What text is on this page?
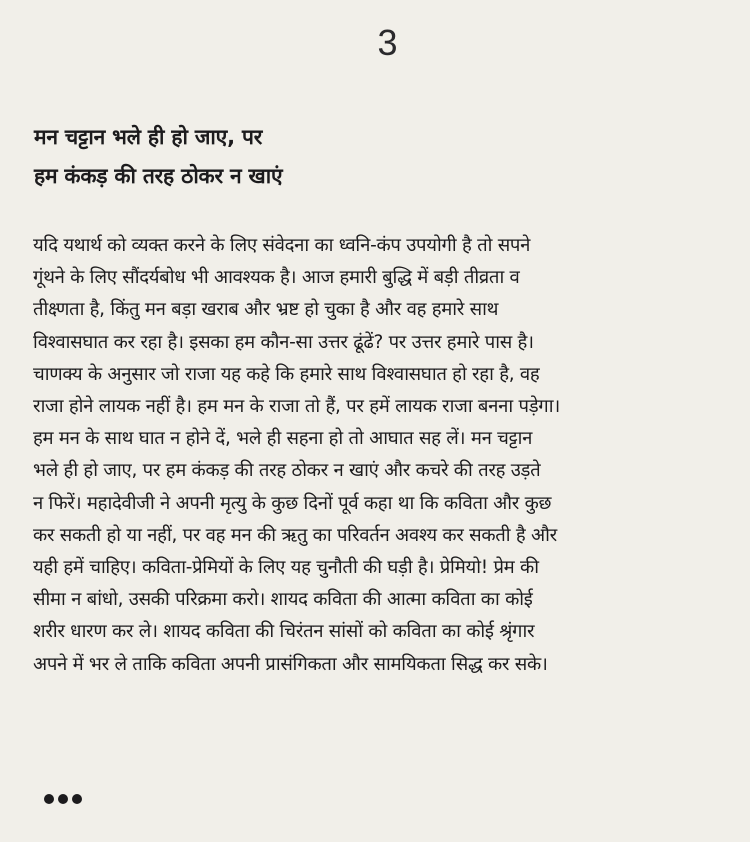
3
मन चट्टान भले ही हो जाए, पर
हम कंकड़ की तरह ठोकर न खाएं
यदि यथार्थ को व्यक्त करने के लिए संवेदना का ध्वनि-कंप उपयोगी है तो सपने
गूंथने के लिए सौंदर्यबोध भी आवश्यक है। आज हमारी बुद्धि में बड़ी तीव्रता व
तीक्ष्णता है, किंतु मन बड़ा खराब और भ्रष्ट हो चुका है और वह हमारे साथ
विश्वासघात कर रहा है। इसका हम कौन-सा उत्तर ढूंढें? पर उत्तर हमारे पास है।
चाणक्य के अनुसार जो राजा यह कहे कि हमारे साथ विश्वासघात हो रहा है, वह
राजा होने लायक नहीं है। हम मन के राजा तो हैं, पर हमें लायक राजा बनना पड़ेगा।
हम मन के साथ घात न होने दें, भले ही सहना हो तो आघात सह लें। मन चट्टान
भले ही हो जाए, पर हम कंकड़ की तरह ठोकर न खाएं और कचरे की तरह उड़ते
न फिरें। महादेवीजी ने अपनी मृत्यु के कुछ दिनों पूर्व कहा था कि कविता और कुछ
कर सकती हो या नहीं, पर वह मन की ऋतु का परिवर्तन अवश्य कर सकती है और
यही हमें चाहिए। कविता-प्रेमियों के लिए यह चुनौती की घड़ी है। प्रेमियो! प्रेम की
सीमा न बांधो, उसकी परिक्रमा करो। शायद कविता की आत्मा कविता का कोई
शरीर धारण कर ले। शायद कविता की चिरंतन सांसों को कविता का कोई श्रृंगार
अपने में भर ले ताकि कविता अपनी प्रासंगिकता और सामयिकता सिद्ध कर सके।
